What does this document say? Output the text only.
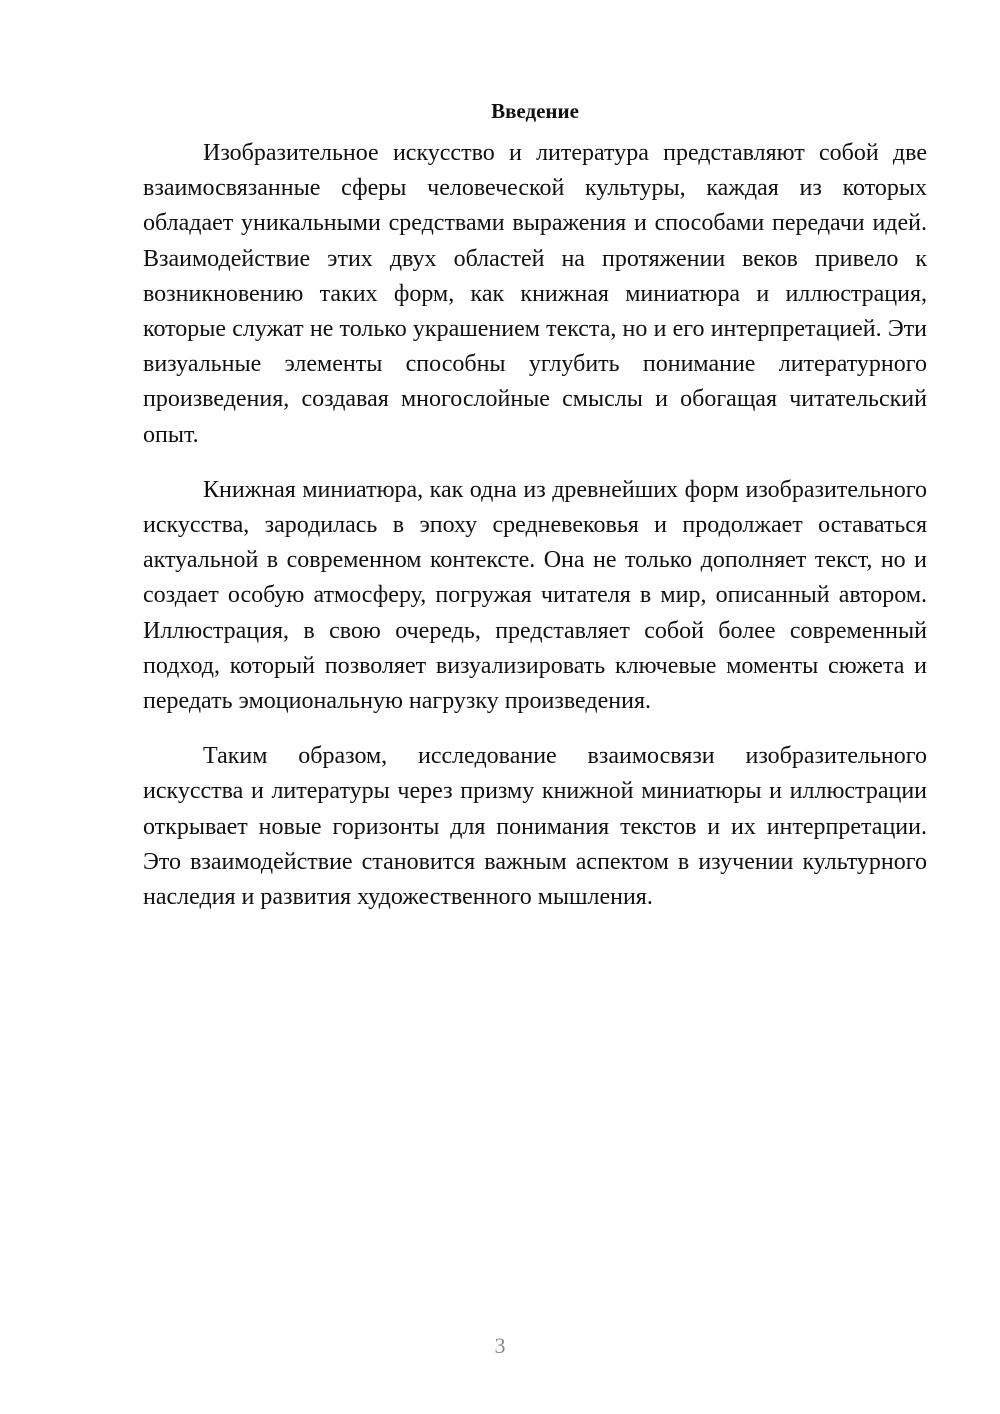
Введение

Изобразительное искусство и литература представляют собой две взаимосвязанные сферы человеческой культуры, каждая из которых обладает уникальными средствами выражения и способами передачи идей. Взаимодействие этих двух областей на протяжении веков привело к возникновению таких форм, как книжная миниатюра и иллюстрация, которые служат не только украшением текста, но и его интерпретацией. Эти визуальные элементы способны углубить понимание литературного произведения, создавая многослойные смыслы и обогащая читательский опыт.

Книжная миниатюра, как одна из древнейших форм изобразительного искусства, зародилась в эпоху средневековья и продолжает оставаться актуальной в современном контексте. Она не только дополняет текст, но и создает особую атмосферу, погружая читателя в мир, описанный автором. Иллюстрация, в свою очередь, представляет собой более современный подход, который позволяет визуализировать ключевые моменты сюжета и передать эмоциональную нагрузку произведения.

Таким образом, исследование взаимосвязи изобразительного искусства и литературы через призму книжной миниатюры и иллюстрации открывает новые горизонты для понимания текстов и их интерпретации. Это взаимодействие становится важным аспектом в изучении культурного наследия и развития художественного мышления.

3
